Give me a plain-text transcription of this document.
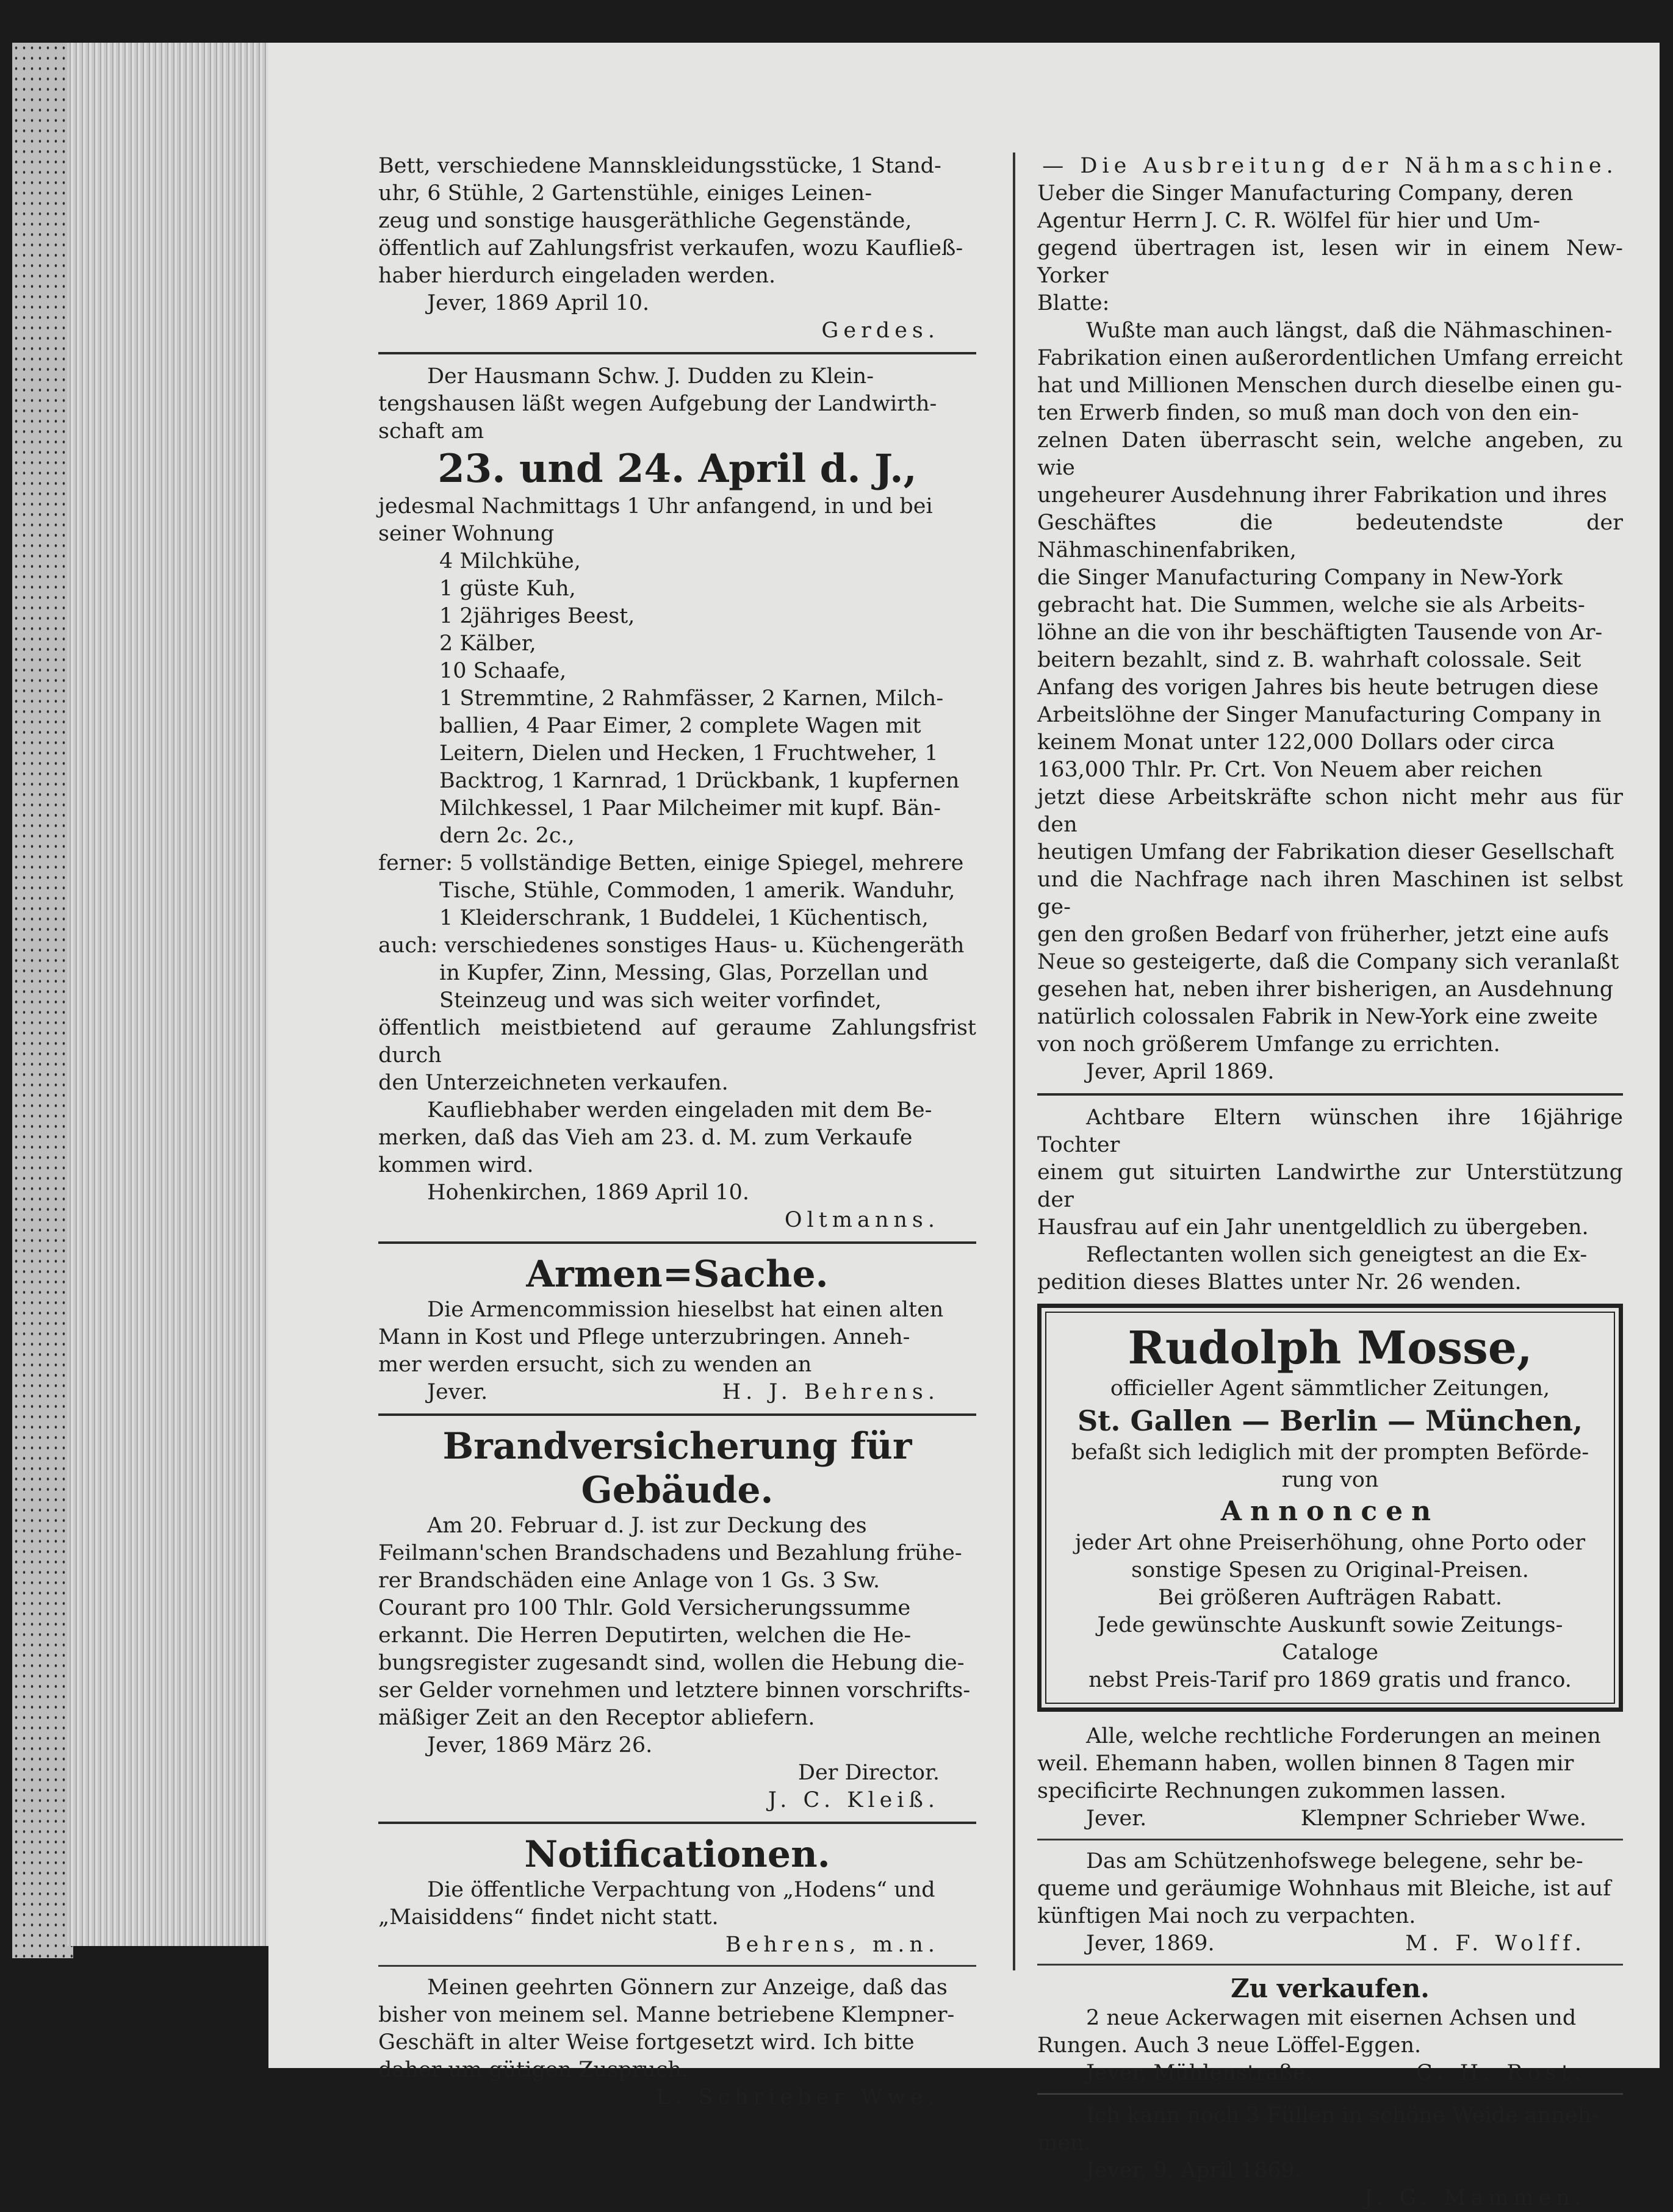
Bett, verschiedene Mannskleidungsstücke, 1 Stand-

uhr, 6 Stühle, 2 Gartenstühle, einiges Leinen-

zeug und sonstige hausgeräthliche Gegenstände,

öffentlich auf Zahlungsfrist verkaufen, wozu Kaufließ-

haber hierdurch eingeladen werden.

Jever, 1869 April 10.

Gerdes.

Der Hausmann Schw. J. Dudden zu Klein-

tengshausen läßt wegen Aufgebung der Landwirth-

schaft am

23. und 24. April d. J.,

jedesmal Nachmittags 1 Uhr anfangend, in und bei

seiner Wohnung

4 Milchkühe,

1 güste Kuh,

1 2jähriges Beest,

2 Kälber,

10 Schaafe,

1 Stremmtine, 2 Rahmfässer, 2 Karnen, Milch-

ballien, 4 Paar Eimer, 2 complete Wagen mit

Leitern, Dielen und Hecken, 1 Fruchtweher, 1

Backtrog, 1 Karnrad, 1 Drückbank, 1 kupfernen

Milchkessel, 1 Paar Milcheimer mit kupf. Bän-

dern 2c. 2c.,

ferner: 5 vollständige Betten, einige Spiegel, mehrere

Tische, Stühle, Commoden, 1 amerik. Wanduhr,

1 Kleiderschrank, 1 Buddelei, 1 Küchentisch,

auch: verschiedenes sonstiges Haus- u. Küchengeräth

in Kupfer, Zinn, Messing, Glas, Porzellan und

Steinzeug und was sich weiter vorfindet,

öffentlich meistbietend auf geraume Zahlungsfrist durch

den Unterzeichneten verkaufen.

Kaufliebhaber werden eingeladen mit dem Be-

merken, daß das Vieh am 23. d. M. zum Verkaufe

kommen wird.

Hohenkirchen, 1869 April 10.

Oltmanns.

Armen=Sache.

Die Armencommission hieselbst hat einen alten

Mann in Kost und Pflege unterzubringen. Anneh-

mer werden ersucht, sich zu wenden an

Jever.	H. J. Behrens.

Brandversicherung für Gebäude.

Am 20. Februar d. J. ist zur Deckung des

Feilmann'schen Brandschadens und Bezahlung frühe-

rer Brandschäden eine Anlage von 1 Gs. 3 Sw.

Courant pro 100 Thlr. Gold Versicherungssumme

erkannt. Die Herren Deputirten, welchen die He-

bungsregister zugesandt sind, wollen die Hebung die-

ser Gelder vornehmen und letztere binnen vorschrifts-

mäßiger Zeit an den Receptor abliefern.

Jever, 1869 März 26.

Der Director.

J. C. Kleiß.

Notificationen.

Die öffentliche Verpachtung von „Hodens“ und

„Maisiddens“ findet nicht statt.

Behrens, m.n.

Meinen geehrten Gönnern zur Anzeige, daß das

bisher von meinem sel. Manne betriebene Klempner-

Geschäft in alter Weise fortgesetzt wird. Ich bitte

daher um gütigen Zuspruch.

L. Schrieber Wwe.

— Die Ausbreitung der Nähmaschine.

Ueber die Singer Manufacturing Company, deren

Agentur Herrn J. C. R. Wölfel für hier und Um-

gegend übertragen ist, lesen wir in einem New-Yorker

Blatte:

Wußte man auch längst, daß die Nähmaschinen-

Fabrikation einen außerordentlichen Umfang erreicht

hat und Millionen Menschen durch dieselbe einen gu-

ten Erwerb finden, so muß man doch von den ein-

zelnen Daten überrascht sein, welche angeben, zu wie

ungeheurer Ausdehnung ihrer Fabrikation und ihres

Geschäftes die bedeutendste der Nähmaschinenfabriken,

die Singer Manufacturing Company in New-York

gebracht hat. Die Summen, welche sie als Arbeits-

löhne an die von ihr beschäftigten Tausende von Ar-

beitern bezahlt, sind z. B. wahrhaft colossale. Seit

Anfang des vorigen Jahres bis heute betrugen diese

Arbeitslöhne der Singer Manufacturing Company in

keinem Monat unter 122,000 Dollars oder circa

163,000 Thlr. Pr. Crt. Von Neuem aber reichen

jetzt diese Arbeitskräfte schon nicht mehr aus für den

heutigen Umfang der Fabrikation dieser Gesellschaft

und die Nachfrage nach ihren Maschinen ist selbst ge-

gen den großen Bedarf von früherher, jetzt eine aufs

Neue so gesteigerte, daß die Company sich veranlaßt

gesehen hat, neben ihrer bisherigen, an Ausdehnung

natürlich colossalen Fabrik in New-York eine zweite

von noch größerem Umfange zu errichten.

Jever, April 1869.

Achtbare Eltern wünschen ihre 16jährige Tochter

einem gut situirten Landwirthe zur Unterstützung der

Hausfrau auf ein Jahr unentgeldlich zu übergeben.

Reflectanten wollen sich geneigtest an die Ex-

pedition dieses Blattes unter Nr. 26 wenden.

Rudolph Mosse,
officieller Agent sämmtlicher Zeitungen,
St. Gallen — Berlin — München,
befaßt sich lediglich mit der prompten Beförde-
rung von
Annoncen
jeder Art ohne Preiserhöhung, ohne Porto oder
sonstige Spesen zu Original-Preisen.
Bei größeren Aufträgen Rabatt.
Jede gewünschte Auskunft sowie Zeitungs-Cataloge
nebst Preis-Tarif pro 1869 gratis und franco.

Alle, welche rechtliche Forderungen an meinen

weil. Ehemann haben, wollen binnen 8 Tagen mir

specificirte Rechnungen zukommen lassen.

Jever.	Klempner Schrieber Wwe.

Das am Schützenhofswege belegene, sehr be-

queme und geräumige Wohnhaus mit Bleiche, ist auf

künftigen Mai noch zu verpachten.

Jever, 1869.	M. F. Wolff.

Zu verkaufen.

2 neue Ackerwagen mit eisernen Achsen und

Rungen. Auch 3 neue Löffel-Eggen.

Jever, Mühlenstraße.	C. H. Rost.

Ich kann noch 3 Füllen in schöne Weide anneh-

men.

Jever, 9. April 1869.

J. G. Mammen.
